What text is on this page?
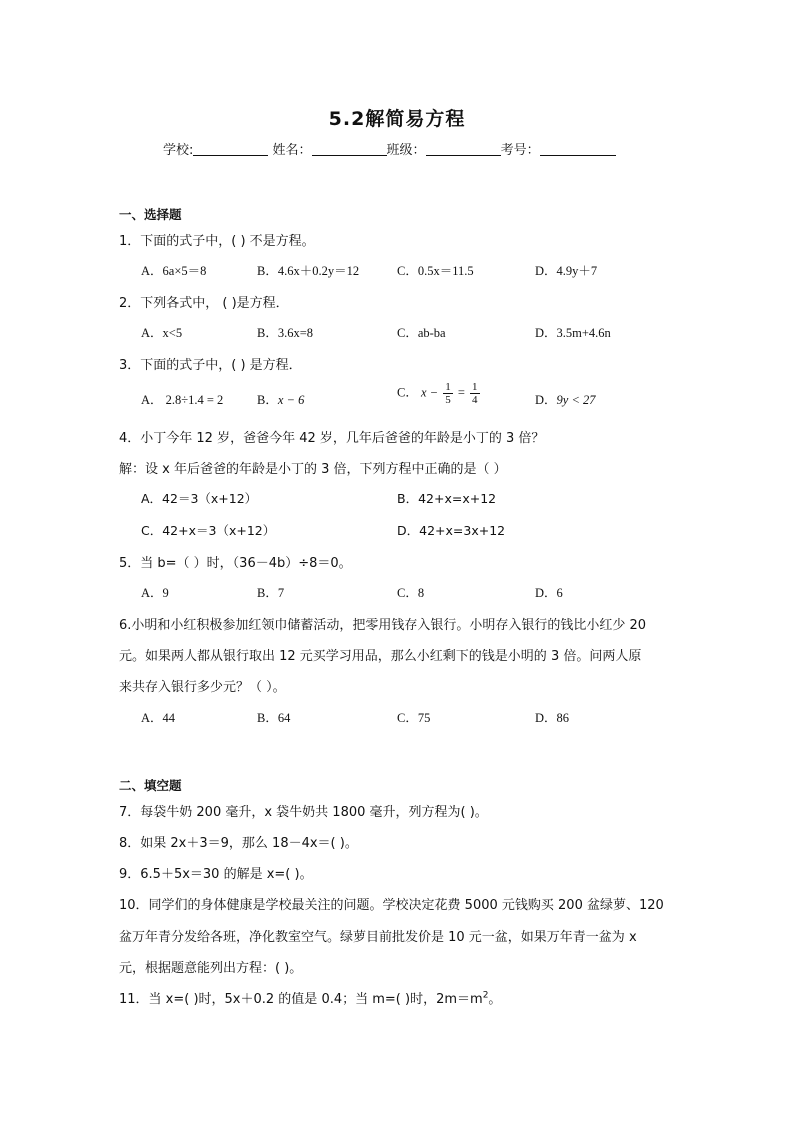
5.2解简易方程
学校:	姓名：	班级：	考号：
一、选择题
1．下面的式子中，( ) 不是方程。
A．6a×5＝8	B．4.6x＋0.2y＝12	C．0.5x＝11.5	D．4.9y＋7
2．下列各式中， ( )是方程．
A．x<5	B．3.6x=8	C．ab-ba	D．3.5m+4.6n
3．下面的式子中，( ) 是方程．
A． 2.8÷1.4 = 2	B．x − 6
C． $x - \frac{1}{5} = \frac{1}{4}$	D．9y < 27
4．小丁今年 12 岁，爸爸今年 42 岁，几年后爸爸的年龄是小丁的 3 倍？
解：设 x 年后爸爸的年龄是小丁的 3 倍，下列方程中正确的是（ ）
A．42＝3（x+12）	B．42+x=x+12
C．42+x＝3（x+12）	D．42+x=3x+12
5．当 b=（ ）时，（36－4b）÷8＝0。
A．9	B．7	C．8	D．6
6.小明和小红积极参加红领巾储蓄活动，把零用钱存入银行。小明存入银行的钱比小红少 20
元。如果两人都从银行取出 12 元买学习用品，那么小红剩下的钱是小明的 3 倍。问两人原
来共存入银行多少元？（ ）。
A．44	B．64	C．75	D．86
二、填空题
7．每袋牛奶 200 毫升，x 袋牛奶共 1800 毫升，列方程为( )。
8．如果 2x＋3＝9，那么 18－4x＝( )。
9．6.5＋5x＝30 的解是 x=( )。
10．同学们的身体健康是学校最关注的问题。学校决定花费 5000 元钱购买 200 盆绿萝、120
盆万年青分发给各班，净化教室空气。绿萝目前批发价是 10 元一盆，如果万年青一盆为 x
元，根据题意能列出方程：( )。
11．当 x=( )时，5x＋0.2 的值是 0.4；当 m=( )时，$2m=m^2$。
